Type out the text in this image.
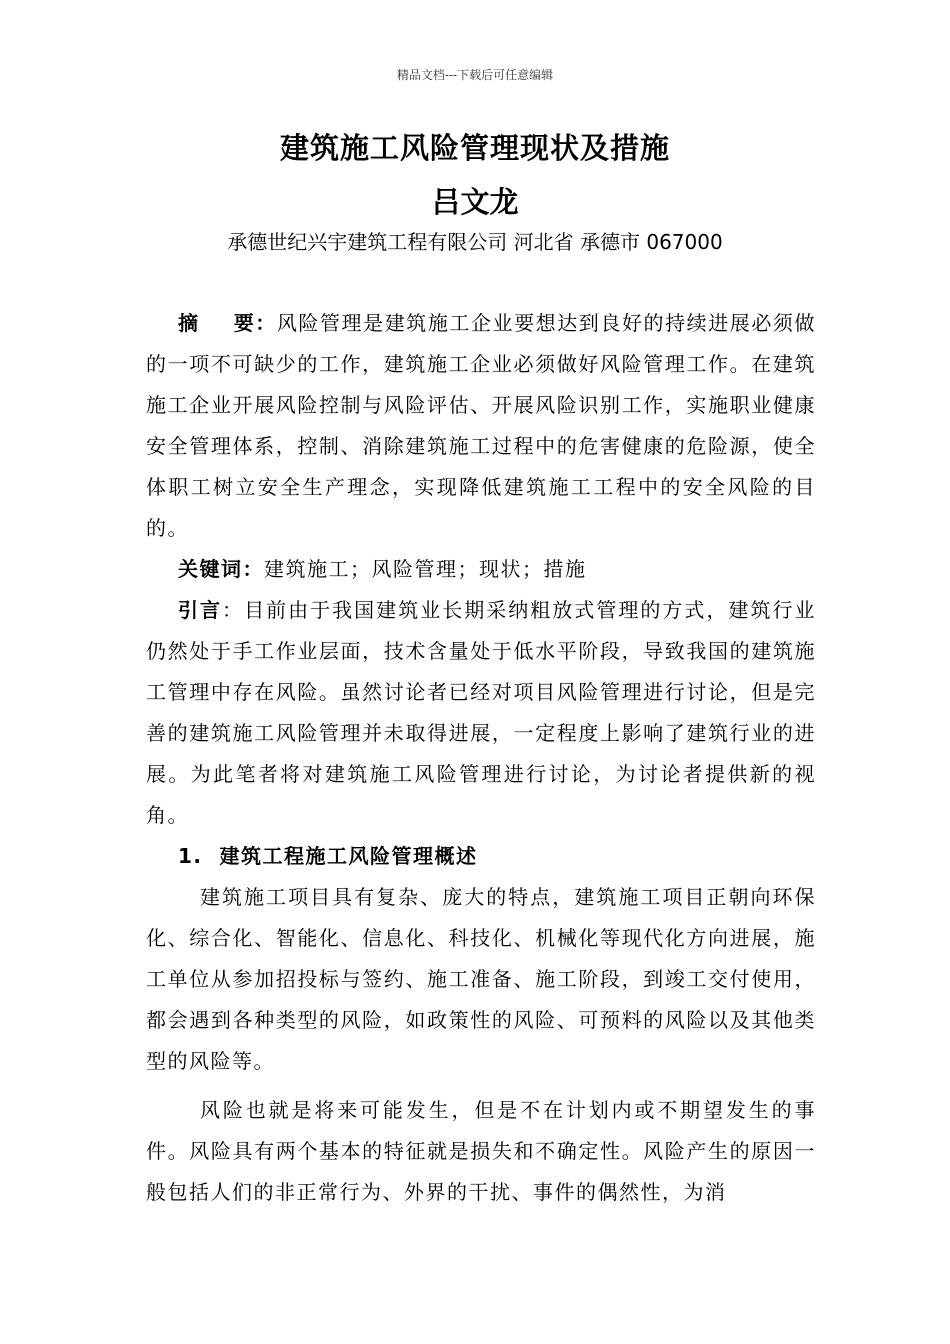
精品文档---下载后可任意编辑
建筑施工风险管理现状及措施
吕文龙
承德世纪兴宇建筑工程有限公司 河北省 承德市 067000

摘    要：风险管理是建筑施工企业要想达到良好的持续进展必须做的一项不可缺少的工作，建筑施工企业必须做好风险管理工作。在建筑施工企业开展风险控制与风险评估、开展风险识别工作，实施职业健康安全管理体系，控制、消除建筑施工过程中的危害健康的危险源，使全体职工树立安全生产理念，实现降低建筑施工工程中的安全风险的目的。

关键词：建筑施工；风险管理；现状；措施

引言：目前由于我国建筑业长期采纳粗放式管理的方式，建筑行业仍然处于手工作业层面，技术含量处于低水平阶段，导致我国的建筑施工管理中存在风险。虽然讨论者已经对项目风险管理进行讨论，但是完善的建筑施工风险管理并未取得进展，一定程度上影响了建筑行业的进展。为此笔者将对建筑施工风险管理进行讨论，为讨论者提供新的视角。

1.  建筑工程施工风险管理概述

建筑施工项目具有复杂、庞大的特点，建筑施工项目正朝向环保化、综合化、智能化、信息化、科技化、机械化等现代化方向进展，施工单位从参加招投标与签约、施工准备、施工阶段，到竣工交付使用，都会遇到各种类型的风险，如政策性的风险、可预料的风险以及其他类型的风险等。

风险也就是将来可能发生，但是不在计划内或不期望发生的事件。风险具有两个基本的特征就是损失和不确定性。风险产生的原因一般包括人们的非正常行为、外界的干扰、事件的偶然性，为消
